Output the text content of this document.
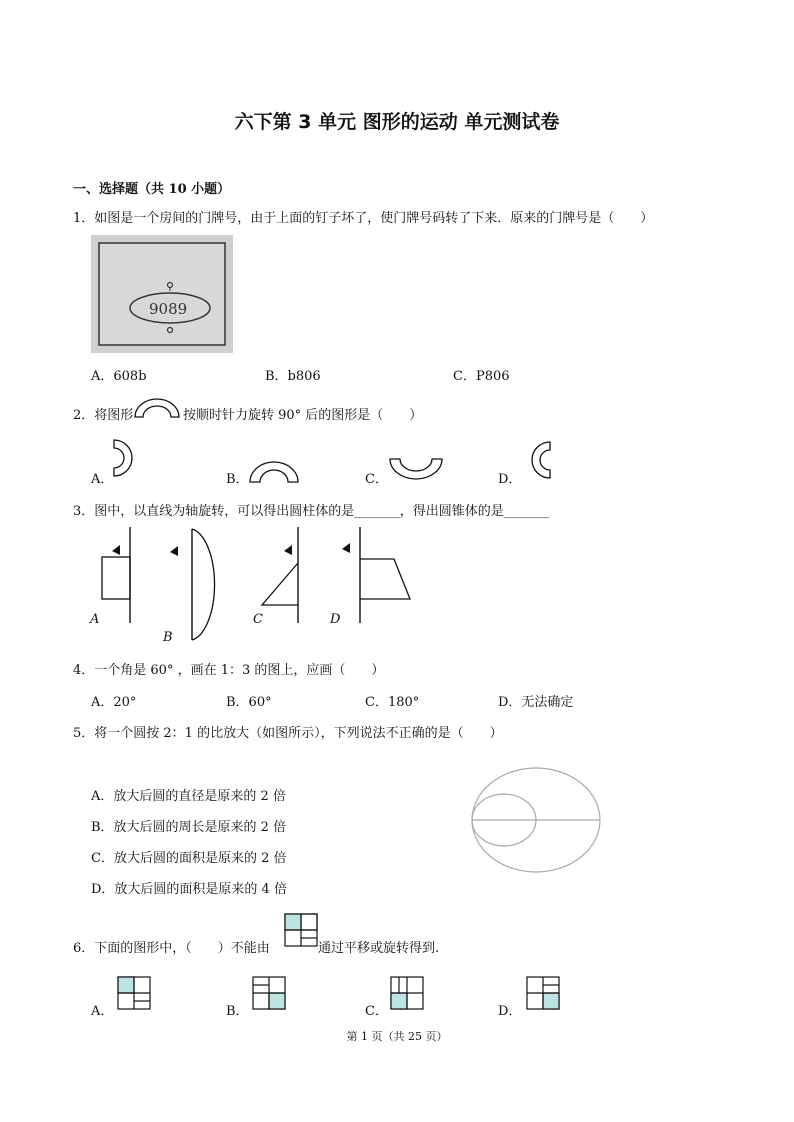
六下第 3 单元 图形的运动 单元测试卷
一、选择题（共 10 小题）
1．如图是一个房间的门牌号，由于上面的钉子坏了，使门牌号码转了下来．原来的门牌号是（　　）
9089
A．608b	B．b806	C．P806
2．将图形	按顺时针力旋转 90° 后的图形是（　　）
A．	B．	C．	D．
3．图中，以直线为轴旋转，可以得出圆柱体的是_______，得出圆锥体的是_______
A
B
C	D
4．一个角是 60° ，画在 1：3 的图上，应画（　　）
A．20°	B．60°	C．180°	D．无法确定
5．将一个圆按 2：1 的比放大（如图所示），下列说法不正确的是（　　）
A．放大后圆的直径是原来的 2 倍
B．放大后圆的周长是原来的 2 倍
C．放大后圆的面积是原来的 2 倍
D．放大后圆的面积是原来的 4 倍
6．下面的图形中，（　　）不能由	通过平移或旋转得到.
A．	B．	C．	D．
第 1 页（共 25 页）
